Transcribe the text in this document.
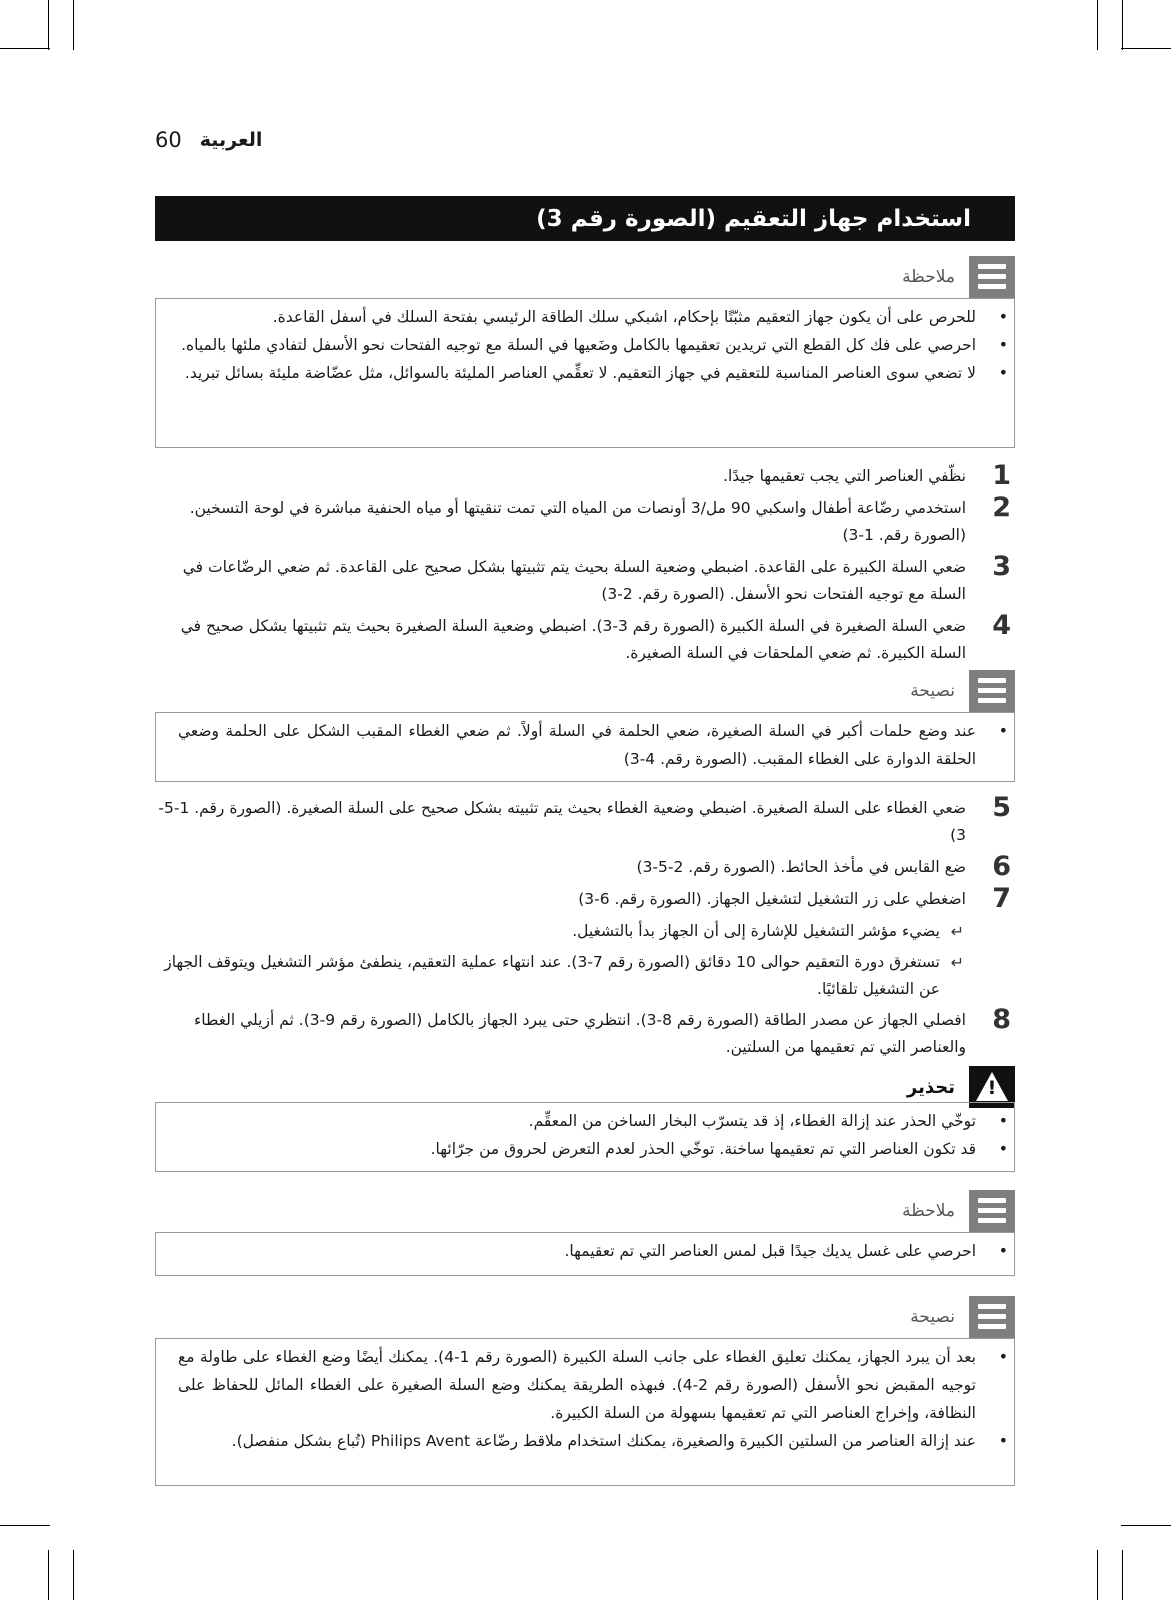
60 العربية
استخدام جهاز التعقيم (الصورة رقم 3)
ملاحظة
• للحرص على أن يكون جهاز التعقيم مثبّتًا بإحكام، اشبكي سلك الطاقة الرئيسي بفتحة السلك في أسفل القاعدة.
• احرصي على فك كل القطع التي تريدين تعقيمها بالكامل وضَعيها في السلة مع توجيه الفتحات نحو الأسفل لتفادي ملئها بالمياه.
• لا تضعي سوى العناصر المناسبة للتعقيم في جهاز التعقيم. لا تعقِّمي العناصر المليئة بالسوائل، مثل عضّاضة مليئة بسائل تبريد.
1
نظّفي العناصر التي يجب تعقيمها جيدًا.
2
استخدمي رضّاعة أطفال واسكبي 90 مل/3 أونصات من المياه التي تمت تنقيتها أو مياه الحنفية مباشرة في لوحة التسخين. (الصورة رقم. 1-3)
3
ضعي السلة الكبيرة على القاعدة. اضبطي وضعية السلة بحيث يتم تثبيتها بشكل صحيح على القاعدة. ثم ضعي الرضّاعات في السلة مع توجيه الفتحات نحو الأسفل. (الصورة رقم. 2-3)
4
ضعي السلة الصغيرة في السلة الكبيرة (الصورة رقم 3-3). اضبطي وضعية السلة الصغيرة بحيث يتم تثبيتها بشكل صحيح في السلة الكبيرة. ثم ضعي الملحقات في السلة الصغيرة.
نصيحة
• عند وضع حلمات أكبر في السلة الصغيرة، ضعي الحلمة في السلة أولاً. ثم ضعي الغطاء المقبب الشكل على الحلمة وضعي الحلقة الدوارة على الغطاء المقبب. (الصورة رقم. 4-3)
5
ضعي الغطاء على السلة الصغيرة. اضبطي وضعية الغطاء بحيث يتم تثبيته بشكل صحيح على السلة الصغيرة. (الصورة رقم. 1-5-3)
6
ضع القابس في مأخذ الحائط. (الصورة رقم. 2-5-3)
7
اضغطي على زر التشغيل لتشغيل الجهاز. (الصورة رقم. 6-3)
↵
يضيء مؤشر التشغيل للإشارة إلى أن الجهاز بدأ بالتشغيل.
↵
تستغرق دورة التعقيم حوالى 10 دقائق (الصورة رقم 7-3). عند انتهاء عملية التعقيم، ينطفئ مؤشر التشغيل ويتوقف الجهاز عن التشغيل تلقائيًا.
8
افصلي الجهاز عن مصدر الطاقة (الصورة رقم 8-3). انتظري حتى يبرد الجهاز بالكامل (الصورة رقم 9-3). ثم أزيلي الغطاء والعناصر التي تم تعقيمها من السلتين.
!
تحذير
• توخّي الحذر عند إزالة الغطاء، إذ قد يتسرّب البخار الساخن من المعقِّم.
• قد تكون العناصر التي تم تعقيمها ساخنة. توخّي الحذر لعدم التعرض لحروق من جرّائها.
ملاحظة
• احرصي على غسل يديك جيدًا قبل لمس العناصر التي تم تعقيمها.
نصيحة
• بعد أن يبرد الجهاز، يمكنك تعليق الغطاء على جانب السلة الكبيرة (الصورة رقم 1-4). يمكنك أيضًا وضع الغطاء على طاولة مع توجيه المقبض نحو الأسفل (الصورة رقم 2-4). فبهذه الطريقة يمكنك وضع السلة الصغيرة على الغطاء المائل للحفاظ على النظافة، وإخراج العناصر التي تم تعقيمها بسهولة من السلة الكبيرة.
• عند إزالة العناصر من السلتين الكبيرة والصغيرة، يمكنك استخدام ملاقط رضّاعة Philips Avent (تُباع بشكل منفصل).
